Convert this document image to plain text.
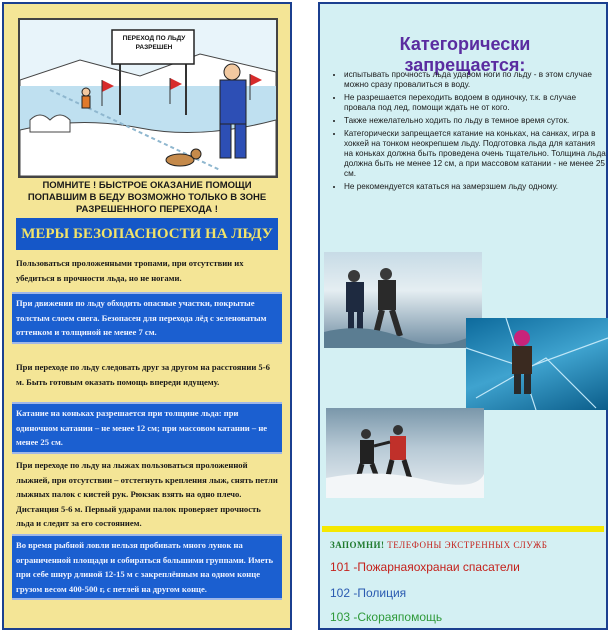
ПЕРЕХОД ПО ЛЬДУ РАЗРЕШЕН
ПОМНИТЕ ! БЫСТРОЕ ОКАЗАНИЕ ПОМОЩИ ПОПАВШИМ В БЕДУ ВОЗМОЖНО ТОЛЬКО В ЗОНЕ РАЗРЕШЕННОГО ПЕРЕХОДА !
МЕРЫ БЕЗОПАСНОСТИ НА ЛЬДУ
Пользоваться проложенными тропами, при отсутствии их убедиться в прочности льда, но не ногами.
При движении по льду обходить опасные участки, покрытые толстым слоем снега. Безопасен для перехода лёд с зеленоватым оттенком и толщиной не менее 7 см.
При переходе по льду следовать друг за другом на расстоянии 5-6 м. Быть готовым оказать помощь впереди идущему.
Катание на коньках разрешается при толщине льда: при одиночном катании – не менее 12 см; при массовом катании – не менее 25 см.
При переходе по льду на лыжах пользоваться проложенной лыжней, при отсутствии – отстегнуть крепления лыж, снять петли лыжных палок с кистей рук. Рюкзак взять на одно плечо. Дистанция 5-6 м. Первый ударами палок проверяет прочность льда и следит за его состоянием.
Во время рыбной ловли нельзя пробивать много лунок на ограниченной площади и собираться большими группами. Иметь при себе шнур длиной 12-15 м с закреплённым на одном конце грузом весом 400-500 г, с петлей на другом конце.
Категорически запрещается:
• испытывать прочность льда ударом ноги по льду - в этом случае можно сразу провалиться в воду.
• Не разрешается переходить водоем в одиночку, т.к. в случае провала под лед, помощи ждать не от кого.
• Также нежелательно ходить по льду в темное время суток.
• Категорически запрещается катание на коньках, на санках, игра в хоккей на тонком неокрепшем льду. Подготовка льда для катания на коньках должна быть проведена очень тщательно. Толщина льда должна быть не менее 12 см, а при массовом катании - не менее 25 см.
• Не рекомендуется кататься на замерзшем льду одному.
ЗАПОМНИ! ТЕЛЕФОНЫ ЭКСТРЕННЫХ СЛУЖБ
101 -Пожарнаяохранаи спасатели
102 -Полиция
103 -Скораяпомощь
